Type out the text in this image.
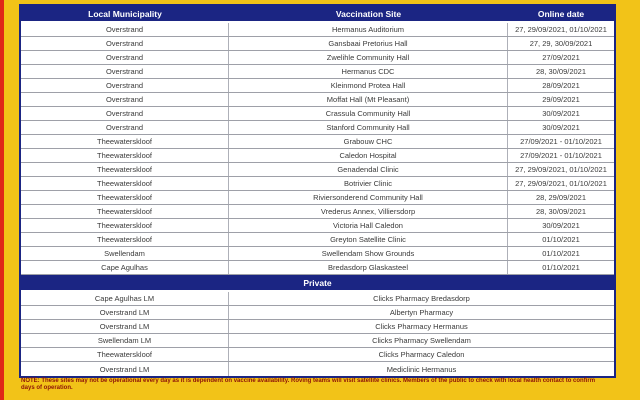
Local Municipality	Vaccination Site	Online date
Overstrand	Hermanus Auditorium	27, 29/09/2021, 01/10/2021
Overstrand	Gansbaai Pretorius Hall	27, 29, 30/09/2021
Overstrand	Zwelihle Community Hall	27/09/2021
Overstrand	Hermanus CDC	28, 30/09/2021
Overstrand	Kleinmond Protea Hall	28/09/2021
Overstrand	Moffat Hall (Mt Pleasant)	29/09/2021
Overstrand	Crassula Community Hall	30/09/2021
Overstrand	Stanford Community Hall	30/09/2021
Theewaterskloof	Grabouw CHC	27/09/2021 - 01/10/2021
Theewaterskloof	Caledon Hospital	27/09/2021 - 01/10/2021
Theewaterskloof	Genadendal Clinic	27, 29/09/2021, 01/10/2021
Theewaterskloof	Botrivier Clinic	27, 29/09/2021, 01/10/2021
Theewaterskloof	Riviersonderend Community Hall	28, 29/09/2021
Theewaterskloof	Vrederus Annex, Villiersdorp	28, 30/09/2021
Theewaterskloof	Victoria Hall Caledon	30/09/2021
Theewaterskloof	Greyton Satellite Clinic	01/10/2021
Swellendam	Swellendam Show Grounds	01/10/2021
Cape Agulhas	Bredasdorp Glaskasteel	01/10/2021
Private
Cape Agulhas LM	Clicks Pharmacy Bredasdorp
Overstrand LM	Albertyn Pharmacy
Overstrand LM	Clicks Pharmacy Hermanus
Swellendam LM	Clicks Pharmacy Swellendam
Theewaterskloof	Clicks Pharmacy Caledon
Overstrand LM	Mediclinic Hermanus
NOTE: These sites may not be operational every day as it is dependent on vaccine availability. Roving teams will visit satellite clinics. Members of the public to check with local health contact to confirm days of operation.
